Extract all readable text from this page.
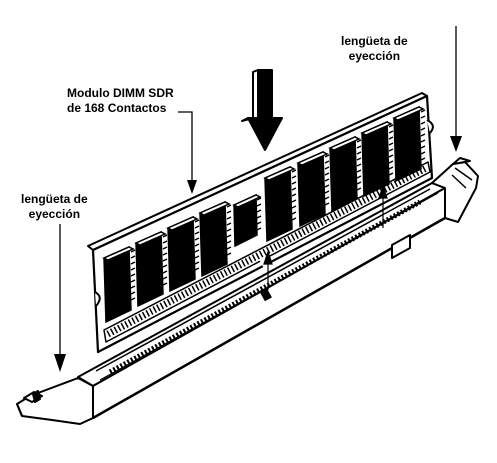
Modulo DIMM SDR
de 168 Contactos

lengüeta de
eyección

lengüeta de
eyección
